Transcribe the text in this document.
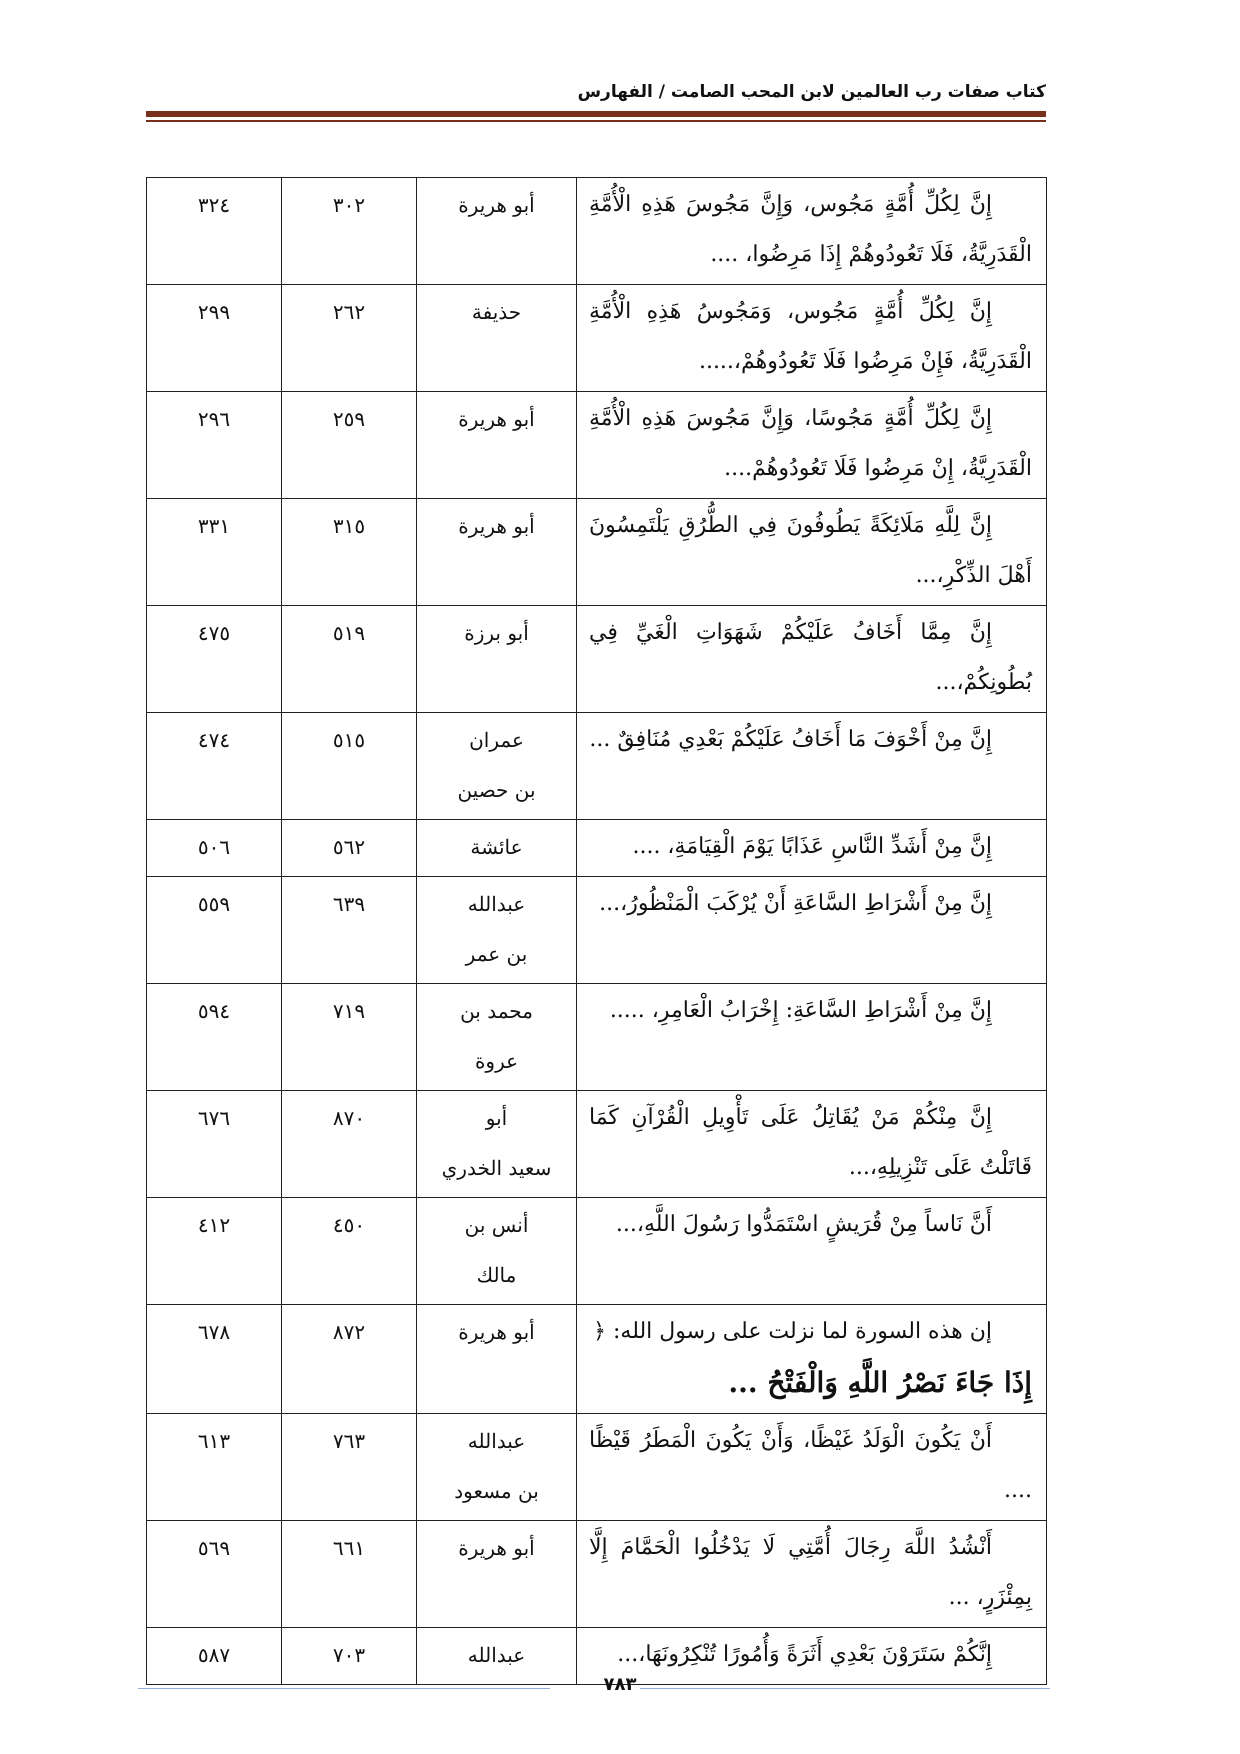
كتاب صفات رب العالمين لابن المحب الصامت / الفهارس
إِنَّ لِكُلِّ أُمَّةٍ مَجُوس، وَإِنَّ مَجُوسَ هَذِهِ الْأُمَّةِ الْقَدَرِيَّةُ، فَلَا تَعُودُوهُمْ إِذَا مَرِضُوا، ....	أبو هريرة	٣٠٢	٣٢٤

إِنَّ لِكُلِّ أُمَّةٍ مَجُوس، وَمَجُوسُ هَذِهِ الْأُمَّةِ الْقَدَرِيَّةُ، فَإِنْ مَرِضُوا فَلَا تَعُودُوهُمْ،.....	حذيفة	٢٦٢	٢٩٩

إِنَّ لِكُلِّ أُمَّةٍ مَجُوسًا، وَإِنَّ مَجُوسَ هَذِهِ الْأُمَّةِ الْقَدَرِيَّةُ، إِنْ مَرِضُوا فَلَا تَعُودُوهُمْ....	أبو هريرة	٢٥٩	٢٩٦

إِنَّ لِلَّهِ مَلَائِكَةً يَطُوفُونَ فِي الطُّرُقِ يَلْتَمِسُونَ أَهْلَ الذِّكْرِ،...	أبو هريرة	٣١٥	٣٣١

إِنَّ مِمَّا أَخَافُ عَلَيْكُمْ شَهَوَاتِ الْغَيِّ فِي بُطُونِكُمْ،...	أبو برزة	٥١٩	٤٧٥

إِنَّ مِنْ أَخْوَفَ مَا أَخَافُ عَلَيْكُمْ بَعْدِي مُنَافِقٌ ...	عمران
بن حصين	٥١٥	٤٧٤

إِنَّ مِنْ أَشَدِّ النَّاسِ عَذَابًا يَوْمَ الْقِيَامَةِ، ....	عائشة	٥٦٢	٥٠٦

إِنَّ مِنْ أَشْرَاطِ السَّاعَةِ أَنْ يُرْكَبَ الْمَنْظُورُ،...	عبدالله
بن عمر	٦٣٩	٥٥٩

إِنَّ مِنْ أَشْرَاطِ السَّاعَةِ: إِخْرَابُ الْعَامِرِ، .....	محمد بن
عروة	٧١٩	٥٩٤

إِنَّ مِنْكُمْ مَنْ يُقَاتِلُ عَلَى تَأْوِيلِ الْقُرْآنِ كَمَا قَاتَلْتُ عَلَى تَنْزِيلِهِ،...	أبو
سعيد الخدري	٨٧٠	٦٧٦

أَنَّ نَاساً مِنْ قُرَيشٍ اسْتَمَدُّوا رَسُولَ اللَّهِ،...	أنس بن
مالك	٤٥٠	٤١٢

إن هذه السورة لما نزلت على رسول الله: ﴿
إِذَا جَاءَ نَصْرُ اللَّهِ وَالْفَتْحُ ...	أبو هريرة	٨٧٢	٦٧٨

أَنْ يَكُونَ الْوَلَدُ غَيْظًا، وَأَنْ يَكُونَ الْمَطَرُ قَيْظًا ....	عبدالله
بن مسعود	٧٦٣	٦١٣

أَنْشُدُ اللَّهَ رِجَالَ أُمَّتِي لَا يَدْخُلُوا الْحَمَّامَ إِلَّا بِمِئْزَرٍ، ...	أبو هريرة	٦٦١	٥٦٩

إِنَّكُمْ سَتَرَوْنَ بَعْدِي أَثَرَةً وَأُمُورًا تُنْكِرُونَهَا،...	عبدالله	٧٠٣	٥٨٧
٧٨٣
